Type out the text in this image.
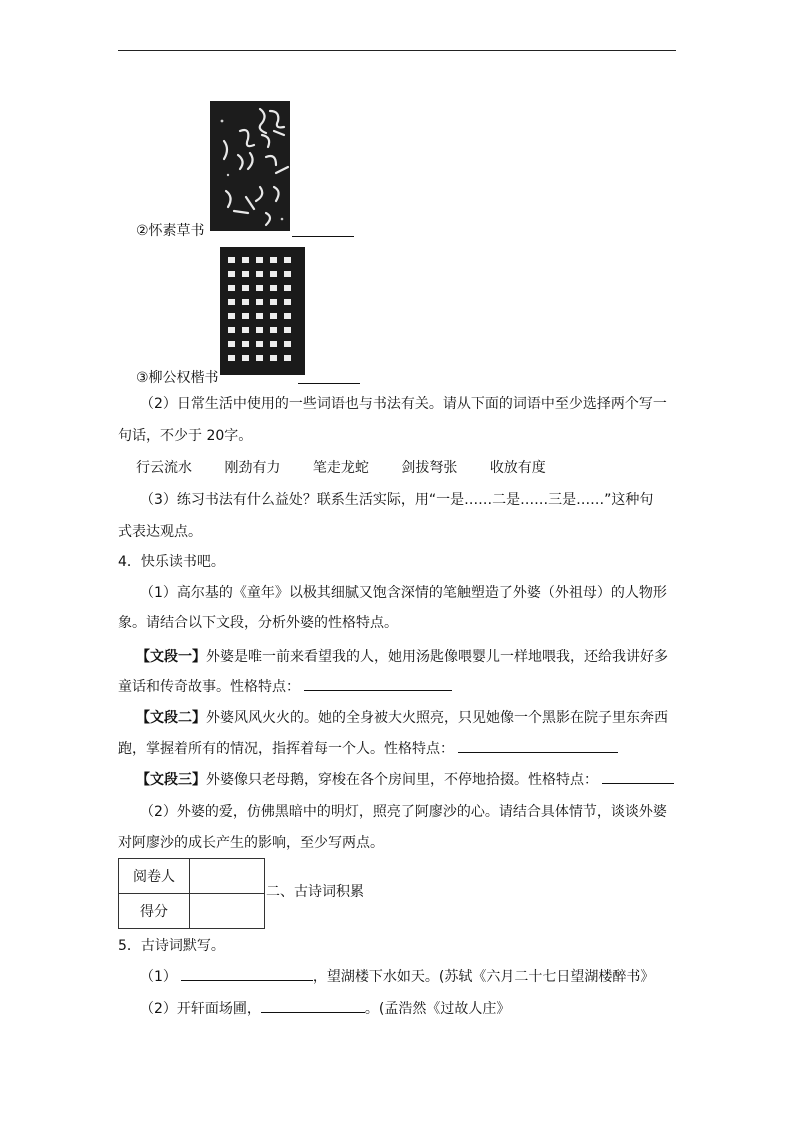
②怀素草书
③柳公权楷书
（2）日常生活中使用的一些词语也与书法有关。请从下面的词语中至少选择两个写一
句话，不少于 20字。
行云流水 刚劲有力 笔走龙蛇 剑拔弩张 收放有度
（3）练习书法有什么益处？联系生活实际，用“一是……二是……三是……”这种句
式表达观点。
4．快乐读书吧。
（1）高尔基的《童年》以极其细腻又饱含深情的笔触塑造了外婆（外祖母）的人物形
象。请结合以下文段，分析外婆的性格特点。
【文段一】外婆是唯一前来看望我的人，她用汤匙像喂婴儿一样地喂我，还给我讲好多
童话和传奇故事。性格特点：
【文段二】外婆风风火火的。她的全身被大火照亮，只见她像一个黑影在院子里东奔西
跑，掌握着所有的情况，指挥着每一个人。性格特点：
【文段三】外婆像只老母鹅，穿梭在各个房间里，不停地拾掇。性格特点：
（2）外婆的爱，仿佛黑暗中的明灯，照亮了阿廖沙的心。请结合具体情节，谈谈外婆
对阿廖沙的成长产生的影响，至少写两点。
阅卷人	
得分	
二、古诗词积累
5．古诗词默写。
（1）	，望湖楼下水如天。(苏轼《六月二十七日望湖楼醉书》
（2）开轩面场圃，	。(孟浩然《过故人庄》
